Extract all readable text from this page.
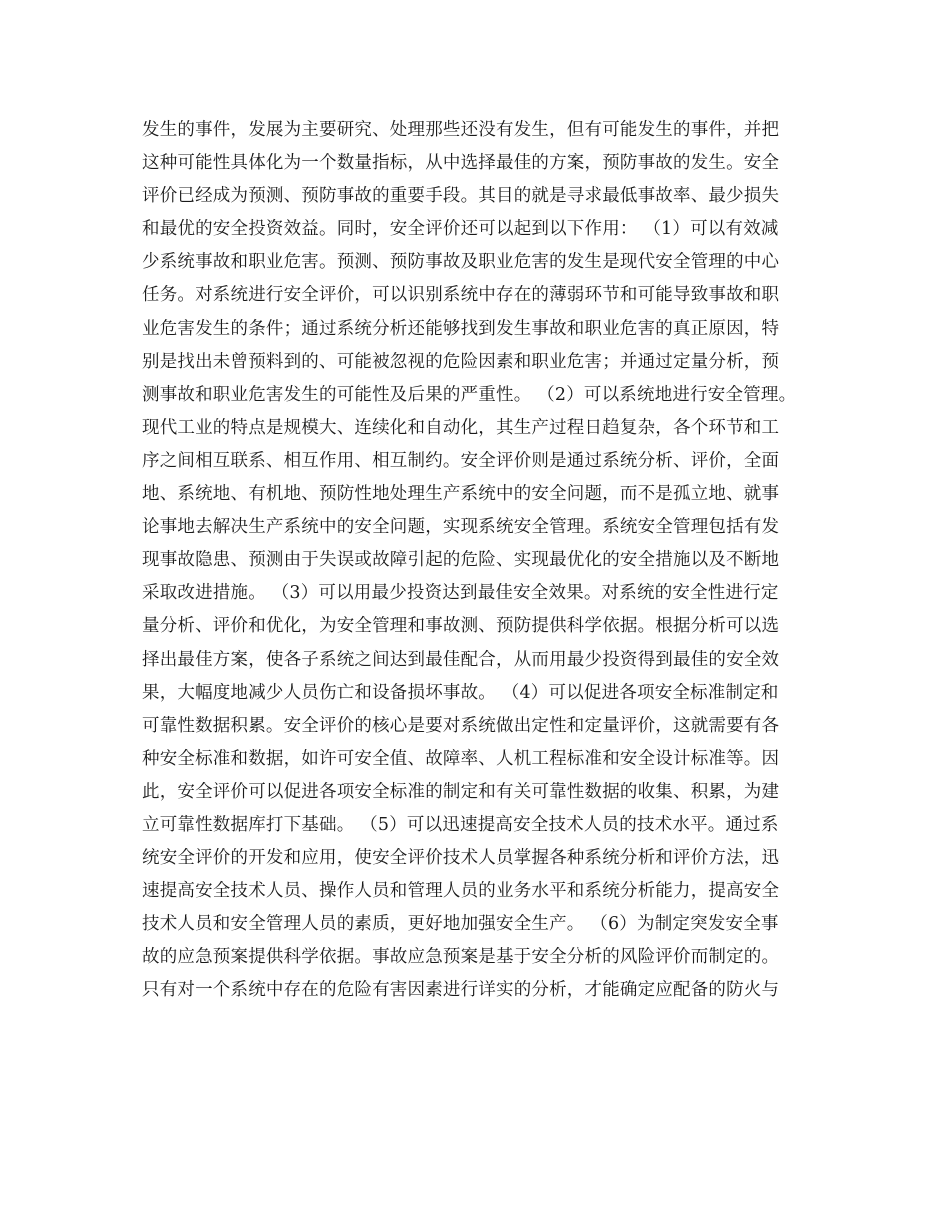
发生的事件，发展为主要研究、处理那些还没有发生，但有可能发生的事件，并把
这种可能性具体化为一个数量指标，从中选择最佳的方案，预防事故的发生。安全
评价已经成为预测、预防事故的重要手段。其目的就是寻求最低事故率、最少损失
和最优的安全投资效益。同时，安全评价还可以起到以下作用： （1）可以有效减
少系统事故和职业危害。预测、预防事故及职业危害的发生是现代安全管理的中心
任务。对系统进行安全评价，可以识别系统中存在的薄弱环节和可能导致事故和职
业危害发生的条件；通过系统分析还能够找到发生事故和职业危害的真正原因，特
别是找出未曾预料到的、可能被忽视的危险因素和职业危害；并通过定量分析，预
测事故和职业危害发生的可能性及后果的严重性。 （2）可以系统地进行安全管理。
现代工业的特点是规模大、连续化和自动化，其生产过程日趋复杂，各个环节和工
序之间相互联系、相互作用、相互制约。安全评价则是通过系统分析、评价，全面
地、系统地、有机地、预防性地处理生产系统中的安全问题，而不是孤立地、就事
论事地去解决生产系统中的安全问题，实现系统安全管理。系统安全管理包括有发
现事故隐患、预测由于失误或故障引起的危险、实现最优化的安全措施以及不断地
采取改进措施。 （3）可以用最少投资达到最佳安全效果。对系统的安全性进行定
量分析、评价和优化，为安全管理和事故测、预防提供科学依据。根据分析可以选
择出最佳方案，使各子系统之间达到最佳配合，从而用最少投资得到最佳的安全效
果，大幅度地减少人员伤亡和设备损坏事故。 （4）可以促进各项安全标准制定和
可靠性数据积累。安全评价的核心是要对系统做出定性和定量评价，这就需要有各
种安全标准和数据，如许可安全值、故障率、人机工程标准和安全设计标准等。因
此，安全评价可以促进各项安全标准的制定和有关可靠性数据的收集、积累，为建
立可靠性数据库打下基础。 （5）可以迅速提高安全技术人员的技术水平。通过系
统安全评价的开发和应用，使安全评价技术人员掌握各种系统分析和评价方法，迅
速提高安全技术人员、操作人员和管理人员的业务水平和系统分析能力，提高安全
技术人员和安全管理人员的素质，更好地加强安全生产。 （6）为制定突发安全事
故的应急预案提供科学依据。事故应急预案是基于安全分析的风险评价而制定的。
只有对一个系统中存在的危险有害因素进行详实的分析，才能确定应配备的防火与
